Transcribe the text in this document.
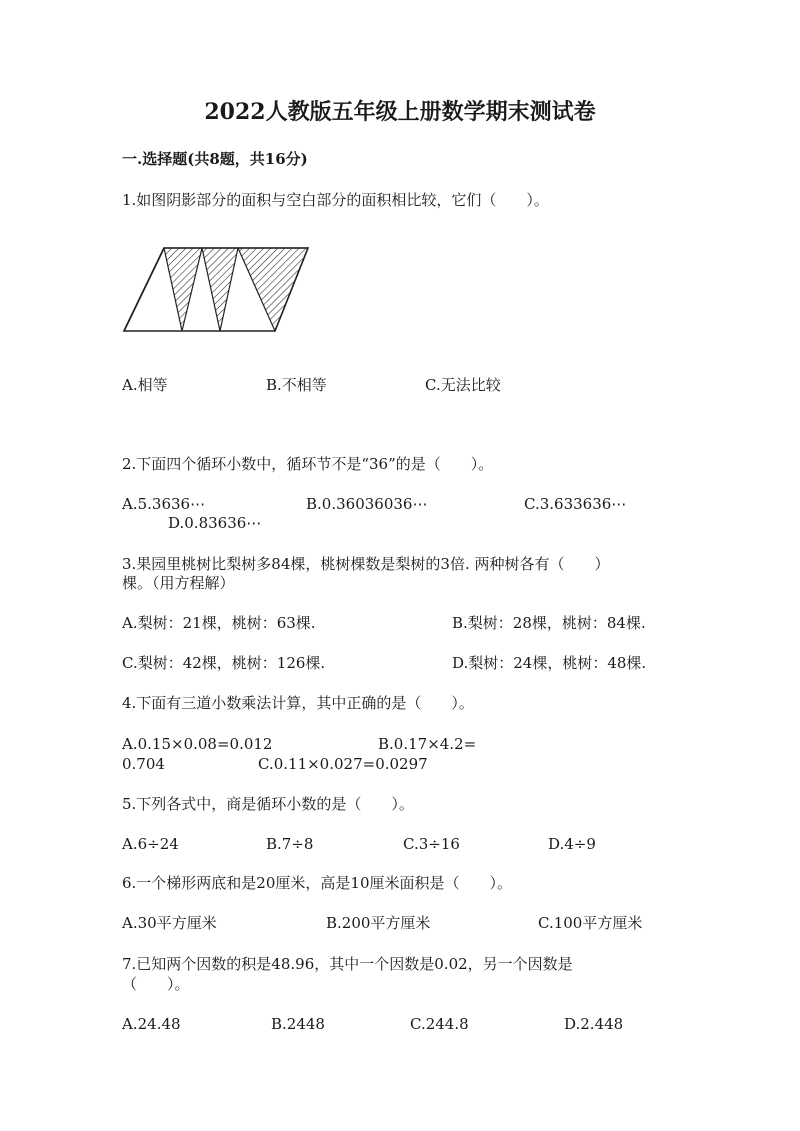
2022人教版五年级上册数学期末测试卷
一.选择题(共8题，共16分)
1.如图阴影部分的面积与空白部分的面积相比较，它们（　　）。
A.相等	B.不相等	C.无法比较
2.下面四个循环小数中，循环节不是“36”的是（　　）。
A.5.3636⋯	B.0.36036036⋯	C.3.633636⋯
D.0.83636⋯
3.果园里桃树比梨树多84棵，桃树棵数是梨树的3倍. 两种树各有（　　）
棵。（用方程解）
A.梨树：21棵，桃树：63棵.	B.梨树：28棵，桃树：84棵.
C.梨树：42棵，桃树：126棵.	D.梨树：24棵，桃树：48棵.
4.下面有三道小数乘法计算，其中正确的是（　　）。
A.0.15×0.08=0.012	B.0.17×4.2=
0.704	C.0.11×0.027=0.0297
5.下列各式中，商是循环小数的是（　　）。
A.6÷24	B.7÷8	C.3÷16	D.4÷9
6.一个梯形两底和是20厘米，高是10厘米面积是（　　）。
A.30平方厘米	B.200平方厘米	C.100平方厘米
7.已知两个因数的积是48.96，其中一个因数是0.02，另一个因数是
（　　）。
A.24.48	B.2448	C.244.8	D.2.448
